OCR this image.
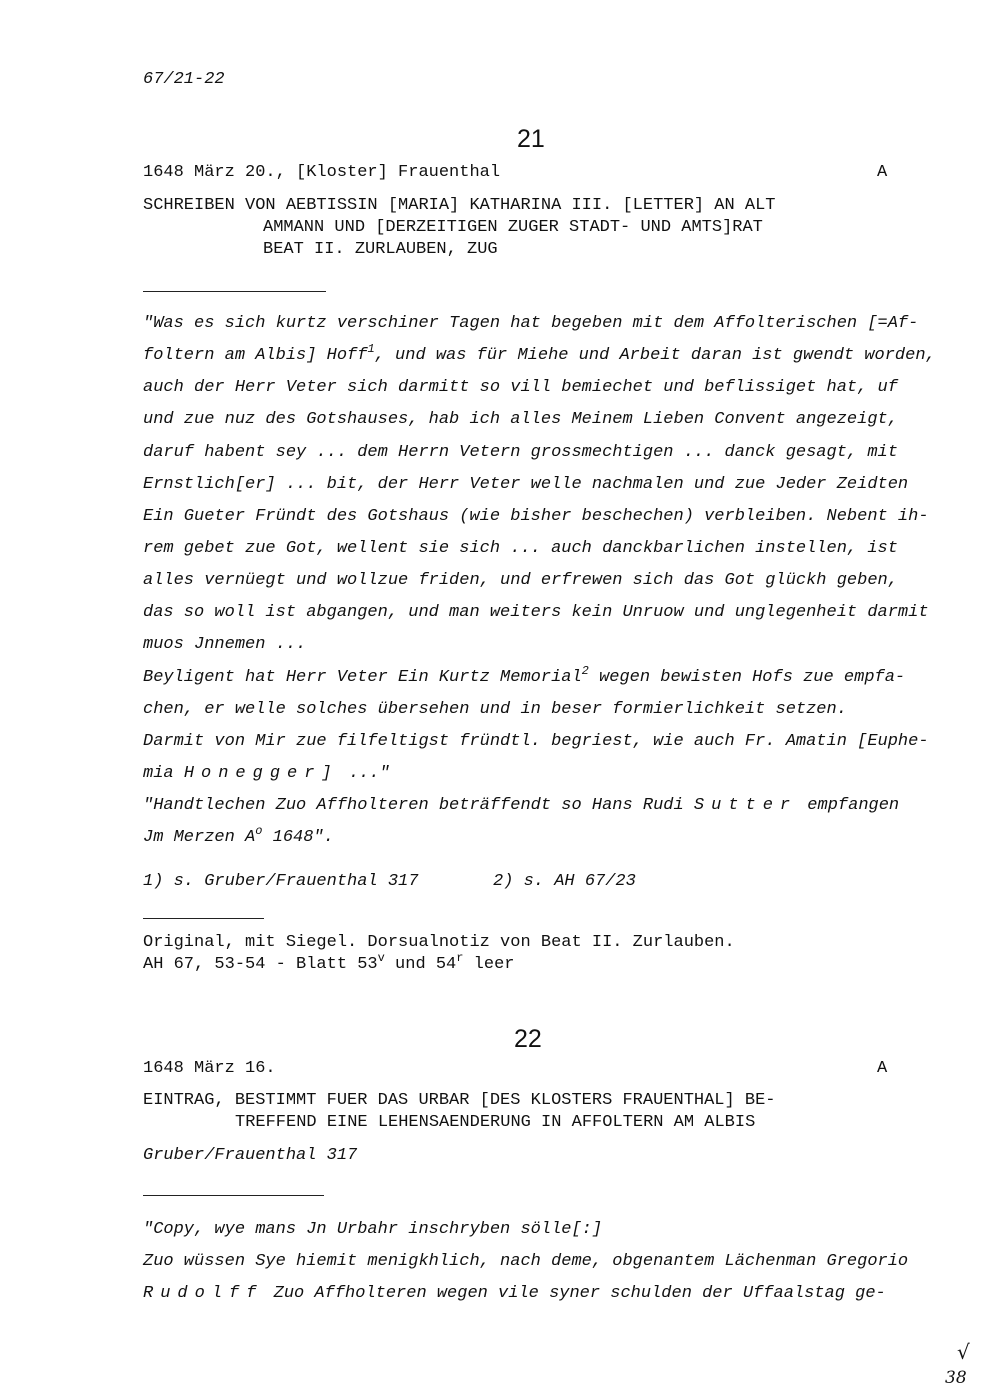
67/21-22
21
1648 März 20., [Kloster] Frauenthal	A
SCHREIBEN VON AEBTISSIN [MARIA] KATHARINA III. [LETTER] AN ALT
AMMANN UND [DERZEITIGEN ZUGER STADT- UND AMTS]RAT
BEAT II. ZURLAUBEN, ZUG
"Was es sich kurtz verschiner Tagen hat begeben mit dem Affolterischen [=Af-
foltern am Albis] Hoff$^1$, und was für Miehe und Arbeit daran ist gwendt worden,
auch der Herr Veter sich darmitt so vill bemiechet und beflissiget hat, uf
und zue nuz des Gotshauses, hab ich alles Meinem Lieben Convent angezeigt,
daruf habent sey ... dem Herrn Vetern grossmechtigen ... danck gesagt, mit
Ernstlich[er] ... bit, der Herr Veter welle nachmalen und zue Jeder Zeidten
Ein Gueter Fründt des Gotshaus (wie bisher beschechen) verbleiben. Nebent ih-
rem gebet zue Got, wellent sie sich ... auch danckbarlichen instellen, ist
alles vernüegt und wollzue friden, und erfrewen sich das Got glückh geben,
das so woll ist abgangen, und man weiters kein Unruow und unglegenheit darmit
muos Jnnemen ...
Beyligent hat Herr Veter Ein Kurtz Memorial$^2$ wegen bewisten Hofs zue empfa-
chen, er welle solches übersehen und in beser formierlichkeit setzen.
Darmit von Mir zue filfeltigst fründtl. begriest, wie auch Fr. Amatin [Euphe-
mia Honegger] ..."
"Handtlechen Zuo Affholteren beträffendt so Hans Rudi Sutter empfangen
Jm Merzen $A^o$ 1648".
1) s. Gruber/Frauenthal 317	2) s. AH 67/23
Original, mit Siegel. Dorsualnotiz von Beat II. Zurlauben.
AH 67, 53-54 - Blatt 53$^v$ und 54$^r$ leer
22
1648 März 16.	A
EINTRAG, BESTIMMT FUER DAS URBAR [DES KLOSTERS FRAUENTHAL] BE-
TREFFEND EINE LEHENSAENDERUNG IN AFFOLTERN AM ALBIS
Gruber/Frauenthal 317
"Copy, wye mans Jn Urbahr inschryben sölle[:]
Zuo wüssen Sye hiemit menigkhlich, nach deme, obgenantem Lächenman Gregorio
Rudolff Zuo Affholteren wegen vile syner schulden der Uffaalstag ge-
√
38
